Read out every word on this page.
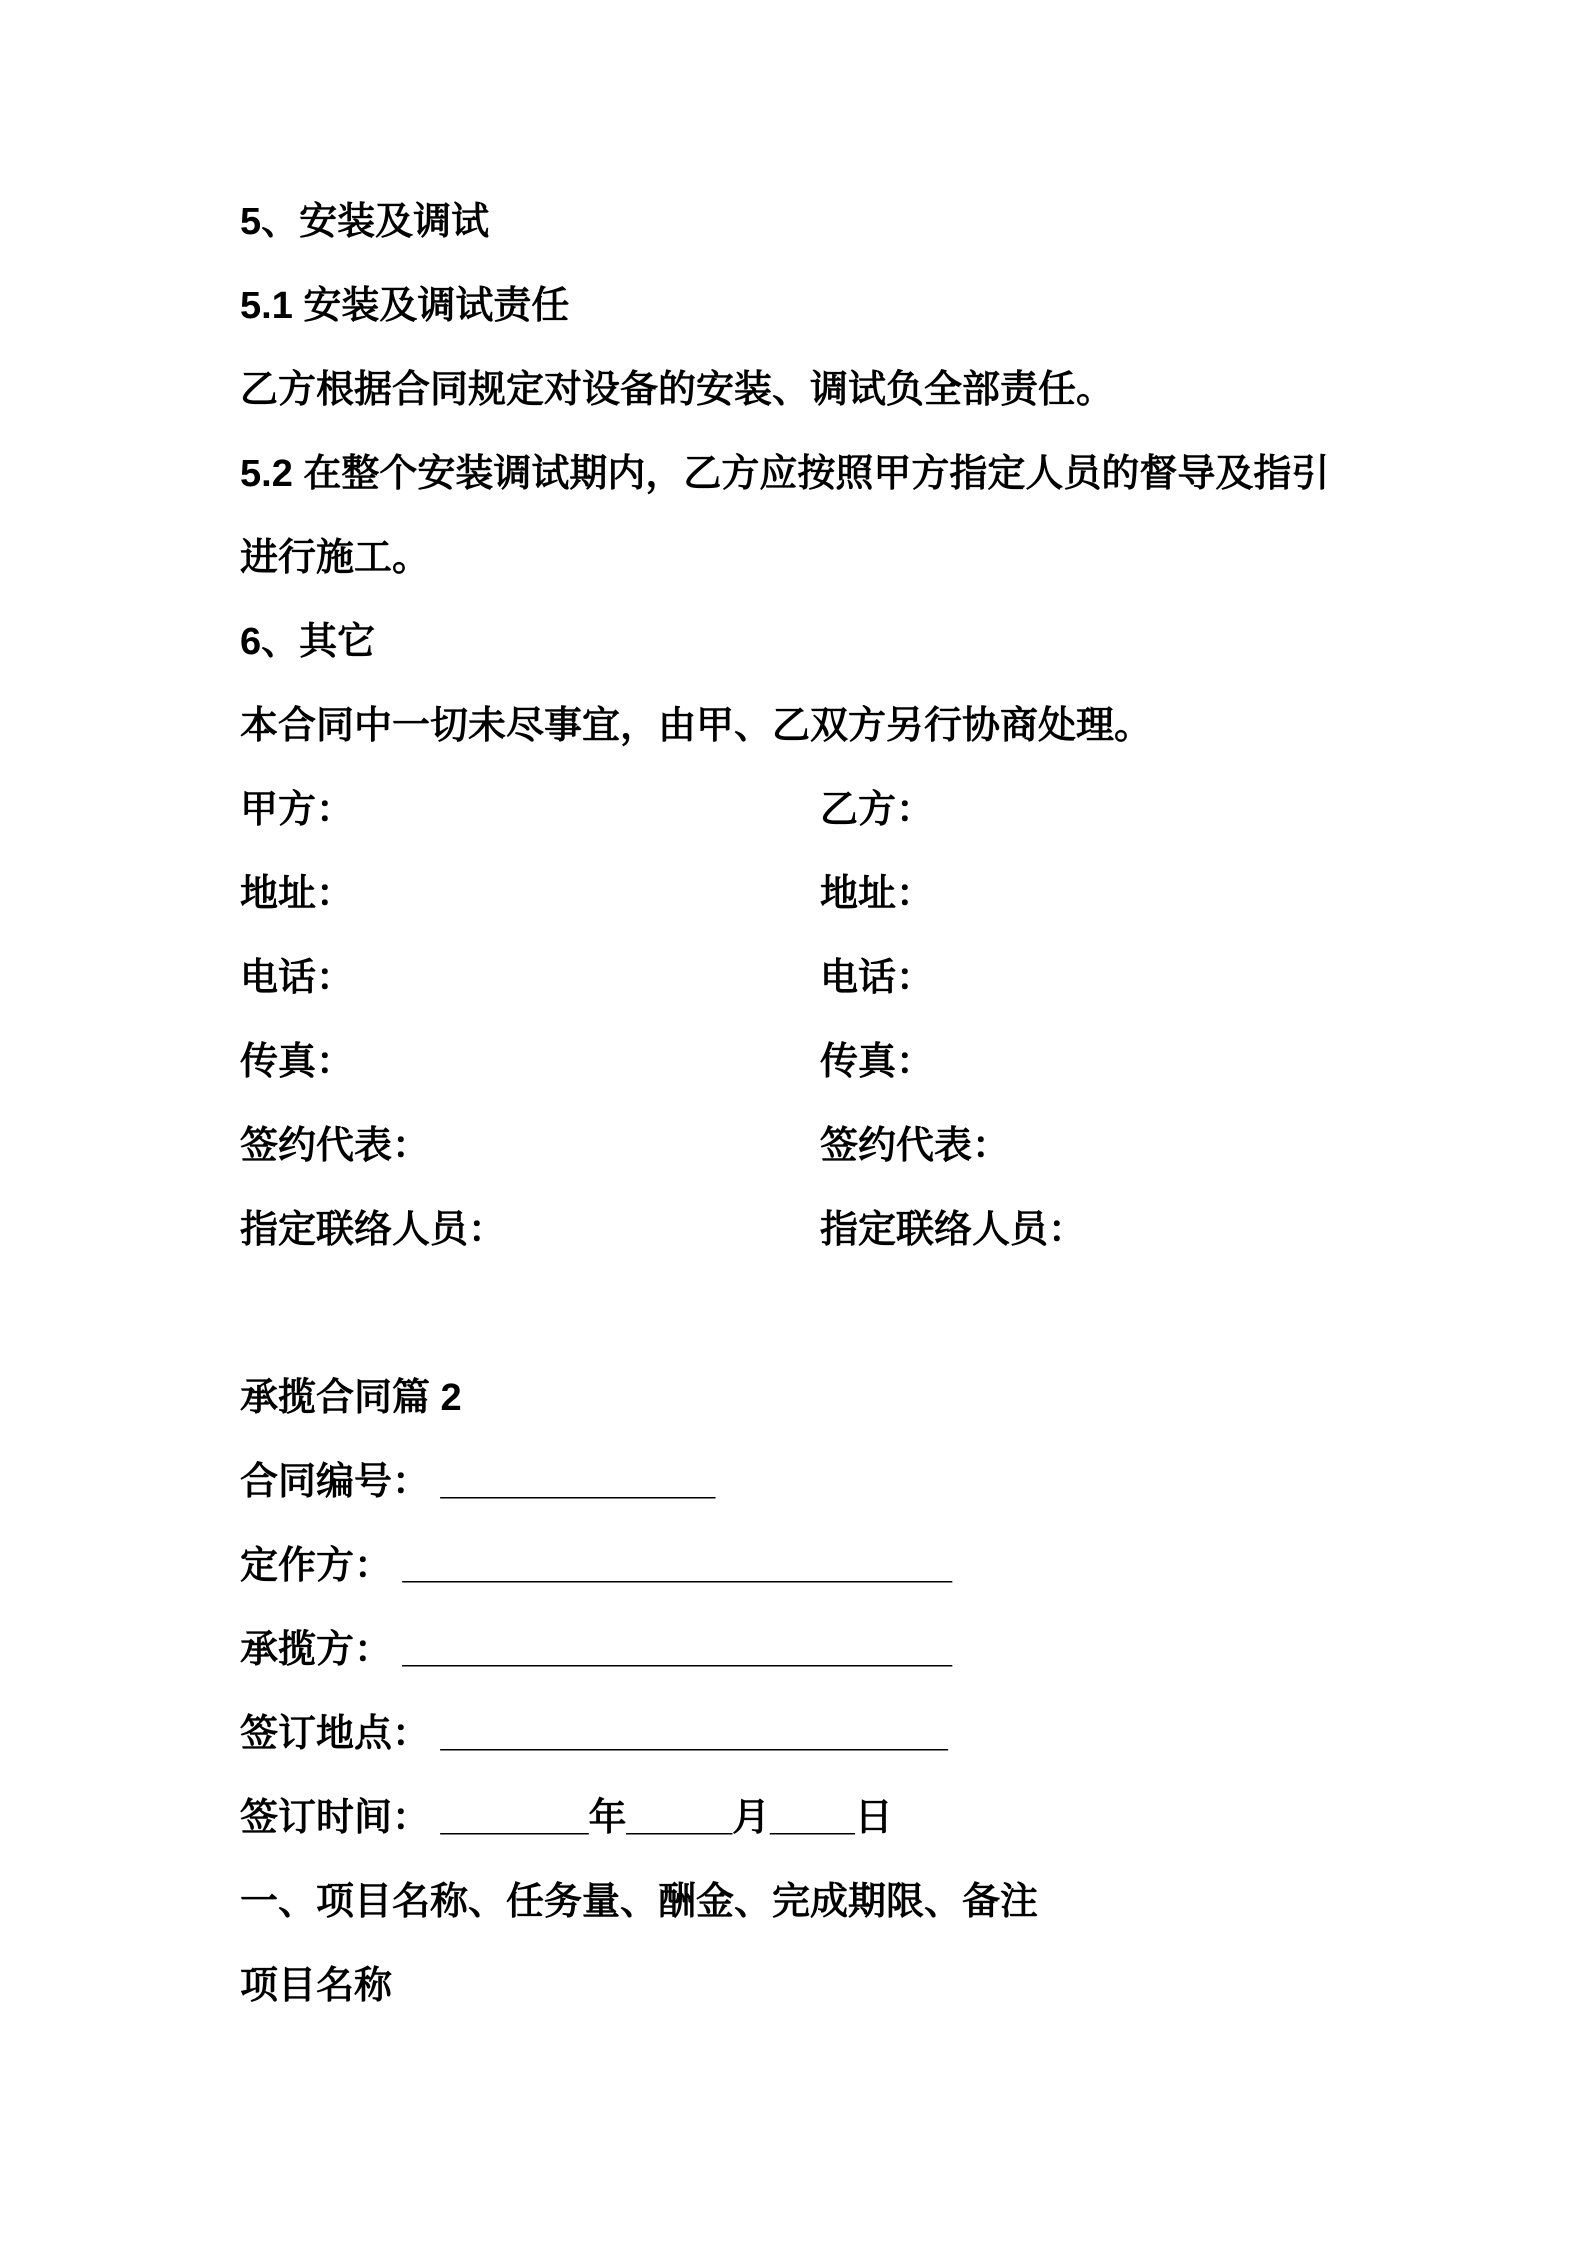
5、安装及调试

5.1 安装及调试责任

乙方根据合同规定对设备的安装、调试负全部责任。

5.2 在整个安装调试期内，乙方应按照甲方指定人员的督导及指引进行施工。

6、其它

本合同中一切未尽事宜，由甲、乙双方另行协商处理。

甲方：	乙方：
地址：	地址：
电话：	电话：
传真：	传真：
签约代表：	签约代表：
指定联络人员：	指定联络人员：

承揽合同篇 2

合同编号： _____________

定作方： __________________________

承揽方： __________________________

签订地点： ________________________

签订时间： _______年_____月____日

一、项目名称、任务量、酬金、完成期限、备注

项目名称
